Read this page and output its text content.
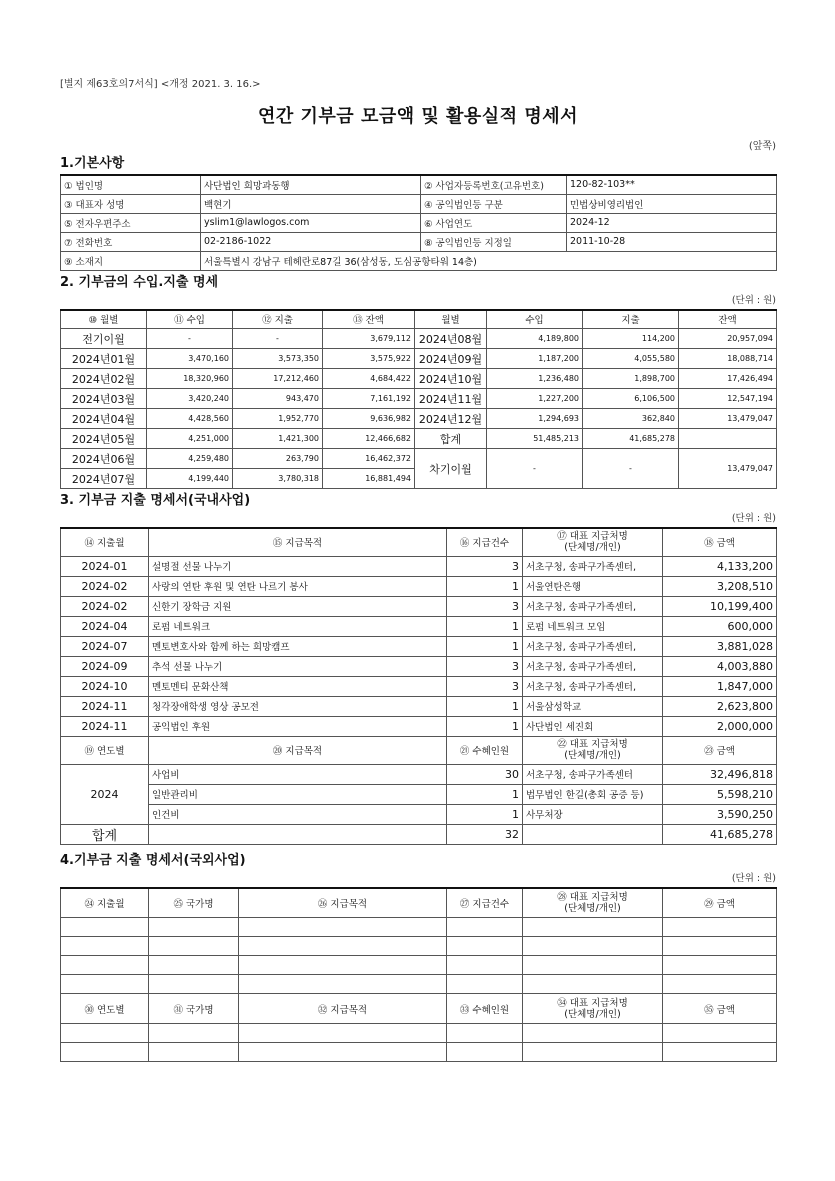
[별지 제63호의7서식] <개정 2021. 3. 16.>
연간 기부금 모금액 및 활용실적 명세서
(앞쪽)
1.기본사항
① 법인명	사단법인 희망과동행	② 사업자등록번호(고유번호)	120-82-103**
③ 대표자 성명	백현기	④ 공익법인등 구분	민법상비영리법인
⑤ 전자우편주소	yslim1@lawlogos.com	⑥ 사업연도	2024-12
⑦ 전화번호	02-2186-1022	⑧ 공익법인등 지정일	2011-10-28
⑨ 소재지	서울특별시 강남구 테헤란로87길 36(삼성동, 도심공항타워 14층)		
2. 기부금의 수입.지출 명세
(단위 : 원)
⑩ 월별	⑪ 수입	⑫ 지출	⑬ 잔액	월별	수입	지출	잔액
전기이월	-	-	3,679,112	2024년08월	4,189,800	114,200	20,957,094
2024년01월	3,470,160	3,573,350	3,575,922	2024년09월	1,187,200	4,055,580	18,088,714
2024년02월	18,320,960	17,212,460	4,684,422	2024년10월	1,236,480	1,898,700	17,426,494
2024년03월	3,420,240	943,470	7,161,192	2024년11월	1,227,200	6,106,500	12,547,194
2024년04월	4,428,560	1,952,770	9,636,982	2024년12월	1,294,693	362,840	13,479,047
2024년05월	4,251,000	1,421,300	12,466,682	합계	51,485,213	41,685,278	
2024년06월	4,259,480	263,790	16,462,372	차기이월	-	-	13,479,047
2024년07월	4,199,440	3,780,318	16,881,494				
3. 기부금 지출 명세서(국내사업)
(단위 : 원)
⑭ 지출월	⑮ 지급목적	⑯ 지급건수	⑰ 대표 지급처명
(단체명/개인)	⑱ 금액
2024-01	설명절 선물 나누기	3	서초구청, 송파구가족센터,	4,133,200
2024-02	사랑의 연탄 후원 및 연탄 나르기 봉사	1	서울연탄은행	3,208,510
2024-02	신한기 장학금 지원	3	서초구청, 송파구가족센터,	10,199,400
2024-04	로펌 네트워크	1	로펌 네트워크 모임	600,000
2024-07	멘토변호사와 함께 하는 희망캠프	1	서초구청, 송파구가족센터,	3,881,028
2024-09	추석 선물 나누기	3	서초구청, 송파구가족센터,	4,003,880
2024-10	멘토멘티 문화산책	3	서초구청, 송파구가족센터,	1,847,000
2024-11	청각장애학생 영상 공모전	1	서울삼성학교	2,623,800
2024-11	공익법인 후원	1	사단법인 세진회	2,000,000
⑲ 연도별	⑳ 지급목적	㉑ 수혜인원	㉒ 대표 지급처명
(단체명/개인)	㉓ 금액
2024	사업비	30	서초구청, 송파구가족센터	32,496,818
	일반관리비	1	법무법인 한길(총회 공증 등)	5,598,210
	인건비	1	사무처장	3,590,250
합계		32		41,685,278
4.기부금 지출 명세서(국외사업)
(단위 : 원)
㉔ 지출월	㉕ 국가명	㉖ 지급목적	㉗ 지급건수	㉘ 대표 지급처명
(단체명/개인)	㉙ 금액

㉚ 연도별	㉛ 국가명	㉜ 지급목적	㉝ 수혜인원	㉞ 대표 지급처명
(단체명/개인)	㉟ 금액
